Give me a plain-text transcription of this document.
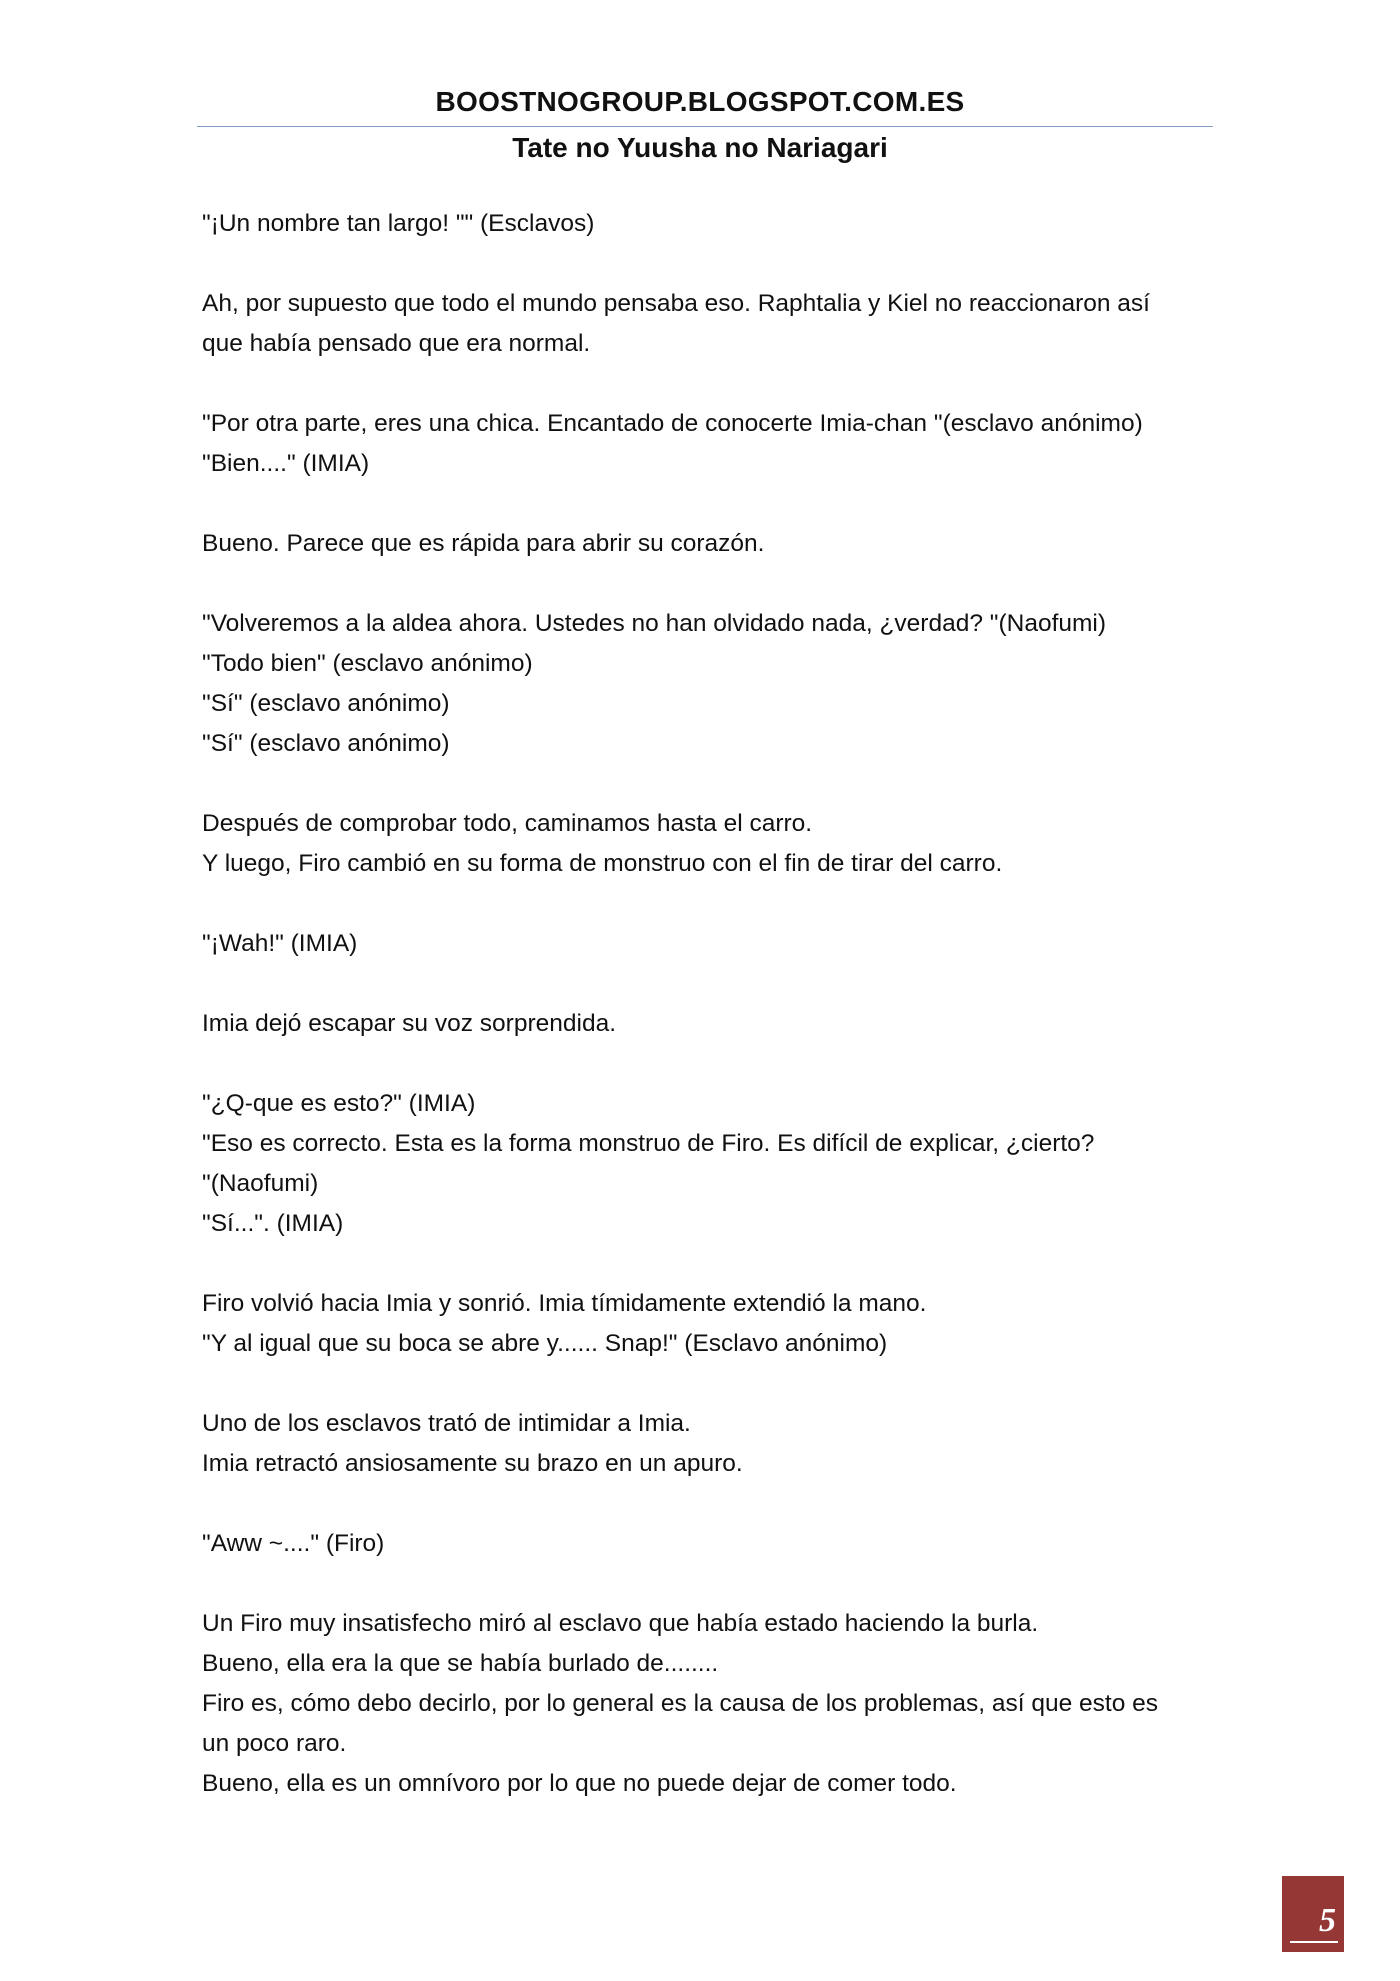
BOOSTNOGROUP.BLOGSPOT.COM.ES
Tate no Yuusha no Nariagari
"¡Un nombre tan largo! "" (Esclavos)
Ah, por supuesto que todo el mundo pensaba eso. Raphtalia y Kiel no reaccionaron así
que había pensado que era normal.
"Por otra parte, eres una chica. Encantado de conocerte Imia-chan "(esclavo anónimo)
"Bien...." (IMIA)
Bueno. Parece que es rápida para abrir su corazón.
"Volveremos a la aldea ahora. Ustedes no han olvidado nada, ¿verdad? "(Naofumi)
"Todo bien" (esclavo anónimo)
"Sí" (esclavo anónimo)
"Sí" (esclavo anónimo)
Después de comprobar todo, caminamos hasta el carro.
Y luego, Firo cambió en su forma de monstruo con el fin de tirar del carro.
"¡Wah!" (IMIA)
Imia dejó escapar su voz sorprendida.
"¿Q-que es esto?" (IMIA)
"Eso es correcto. Esta es la forma monstruo de Firo. Es difícil de explicar, ¿cierto?
"(Naofumi)
"Sí...". (IMIA)
Firo volvió hacia Imia y sonrió. Imia tímidamente extendió la mano.
"Y al igual que su boca se abre y...... Snap!" (Esclavo anónimo)
Uno de los esclavos trató de intimidar a Imia.
Imia retractó ansiosamente su brazo en un apuro.
"Aww ~...." (Firo)
Un Firo muy insatisfecho miró al esclavo que había estado haciendo la burla.
Bueno, ella era la que se había burlado de........
Firo es, cómo debo decirlo, por lo general es la causa de los problemas, así que esto es
un poco raro.
Bueno, ella es un omnívoro por lo que no puede dejar de comer todo.
5
